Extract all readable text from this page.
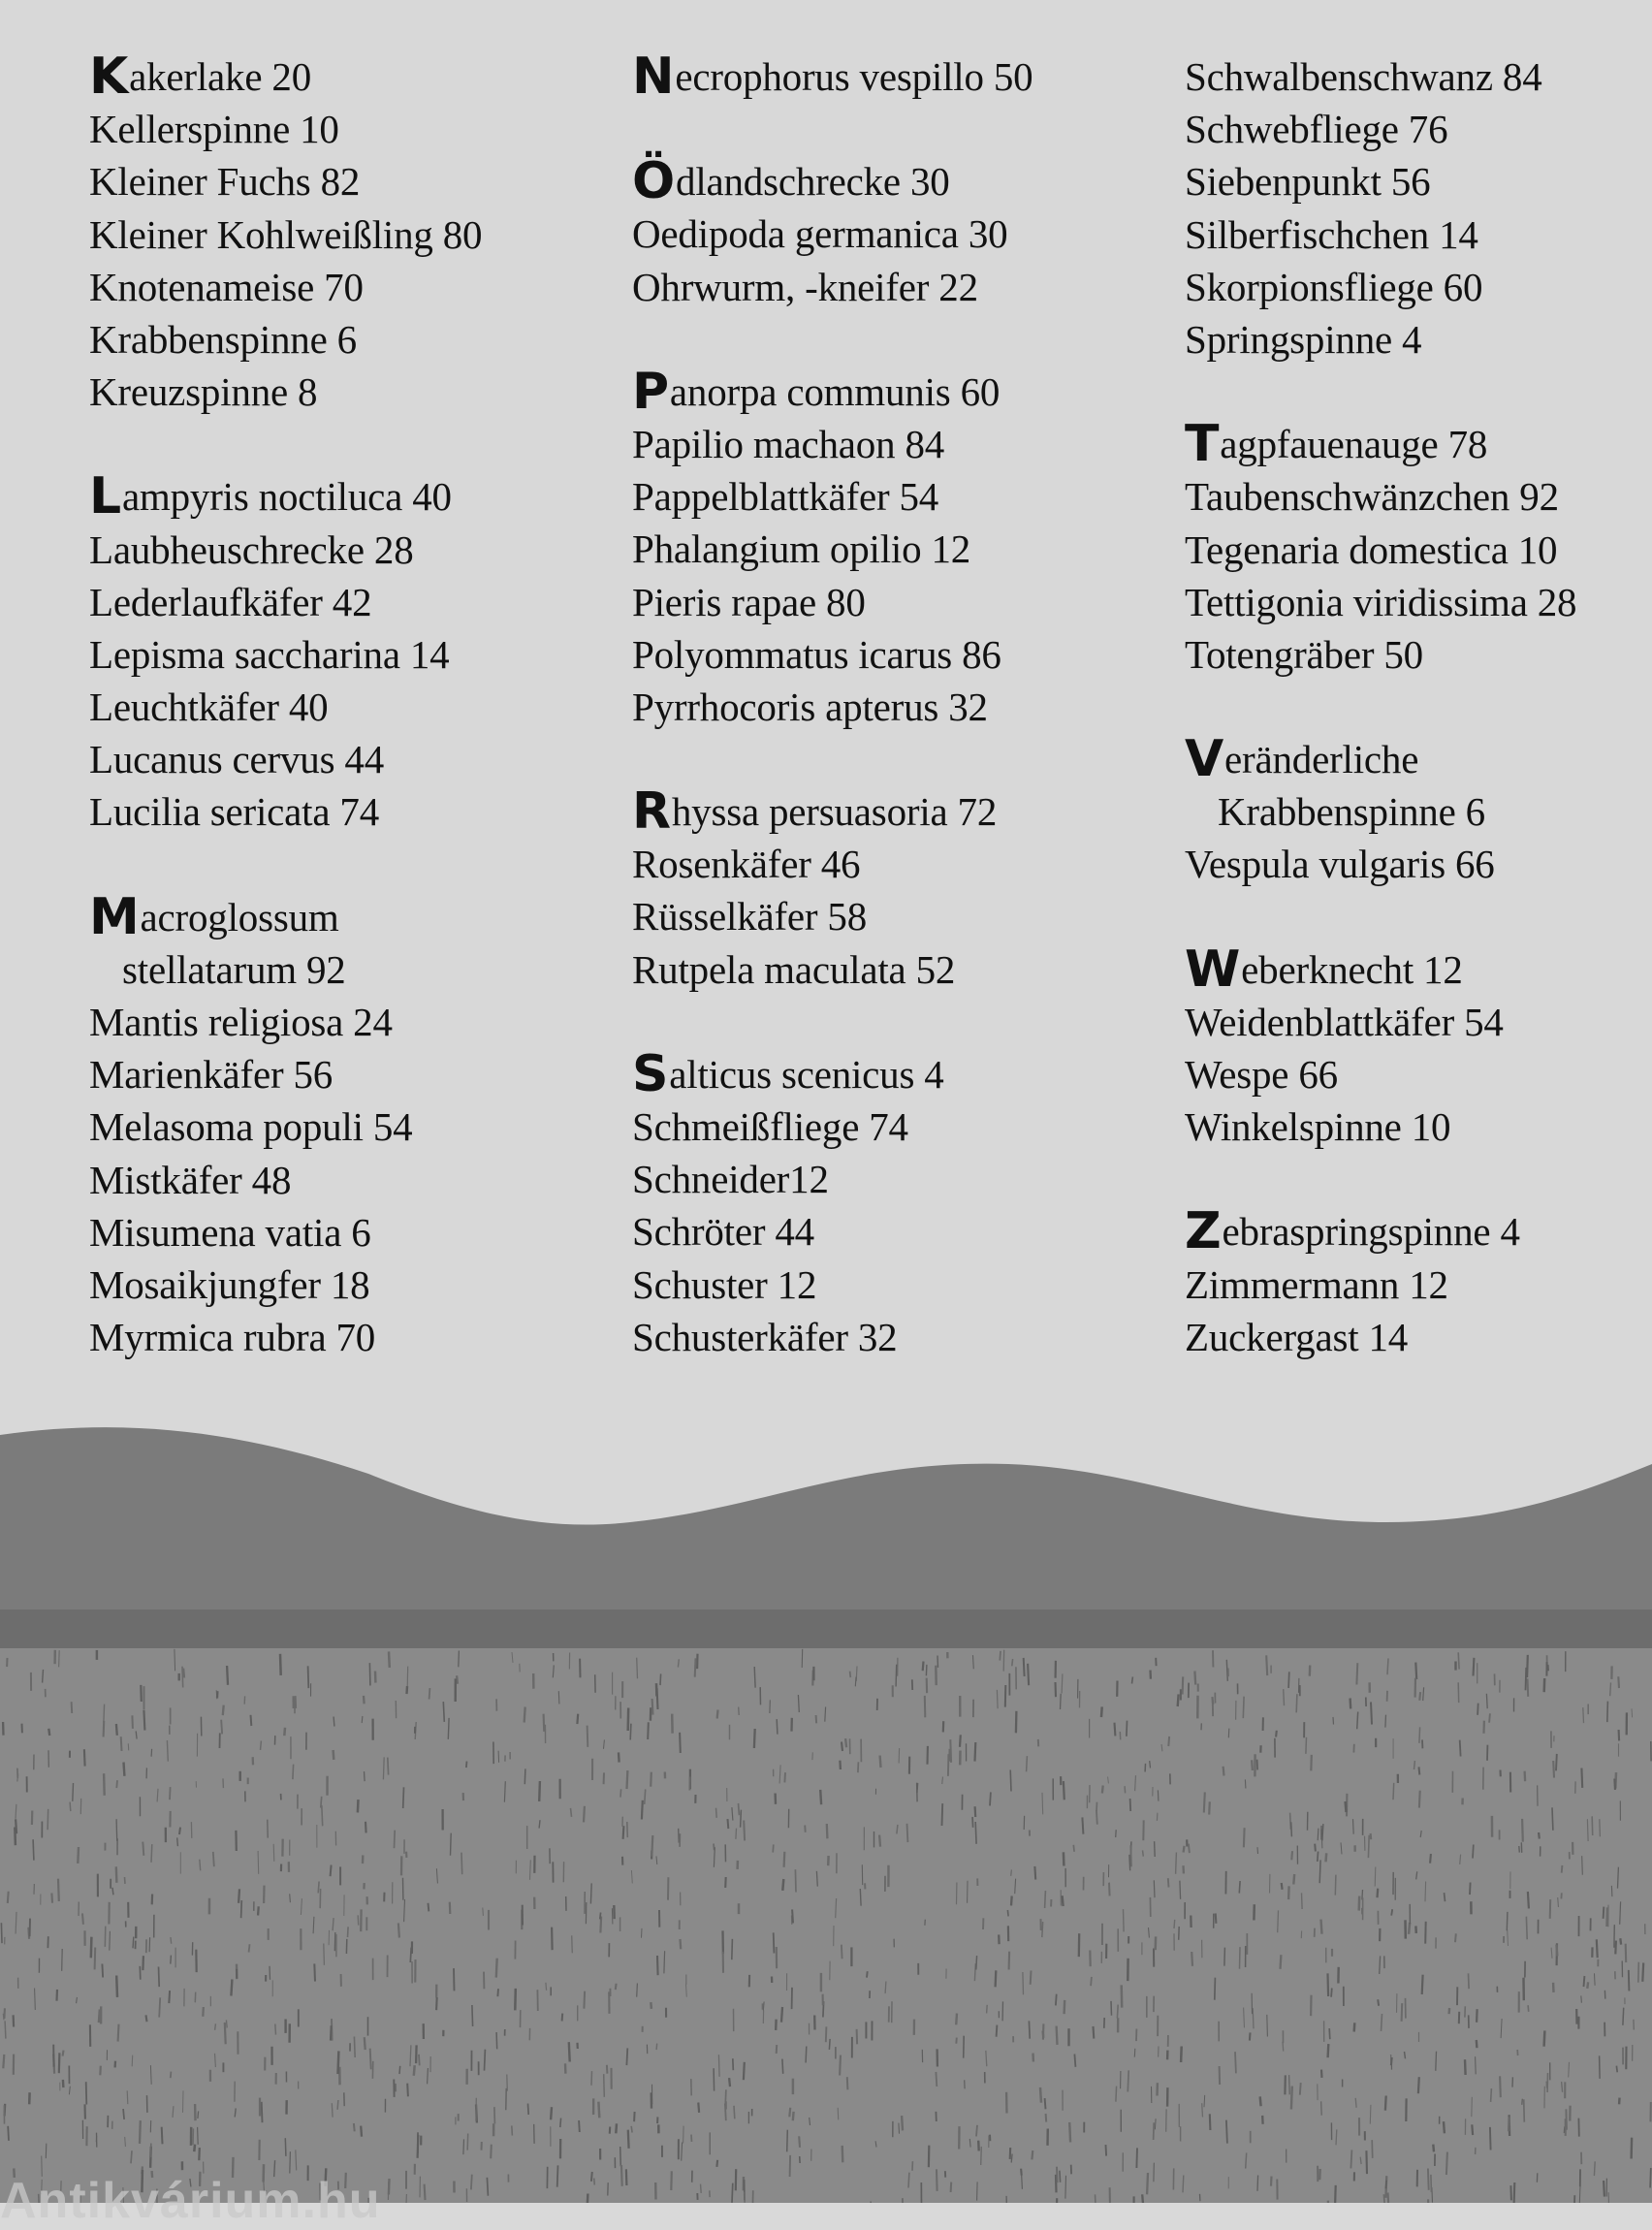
Kakerlake 20
Kellerspinne 10
Kleiner Fuchs 82
Kleiner Kohlweißling 80
Knotenameise 70
Krabbenspinne 6
Kreuzspinne 8
Lampyris noctiluca 40
Laubheuschrecke 28
Lederlaufkäfer 42
Lepisma saccharina 14
Leuchtkäfer 40
Lucanus cervus 44
Lucilia sericata 74
Macroglossum
stellatarum 92
Mantis religiosa 24
Marienkäfer 56
Melasoma populi 54
Mistkäfer 48
Misumena vatia 6
Mosaikjungfer 18
Myrmica rubra 70
Necrophorus vespillo 50
Ödlandschrecke 30
Oedipoda germanica 30
Ohrwurm, -kneifer 22
Panorpa communis 60
Papilio machaon 84
Pappelblattkäfer 54
Phalangium opilio 12
Pieris rapae 80
Polyommatus icarus 86
Pyrrhocoris apterus 32
Rhyssa persuasoria 72
Rosenkäfer 46
Rüsselkäfer 58
Rutpela maculata 52
Salticus scenicus 4
Schmeißfliege 74
Schneider12
Schröter 44
Schuster 12
Schusterkäfer 32
Schwalbenschwanz 84
Schwebfliege 76
Siebenpunkt 56
Silberfischchen 14
Skorpionsfliege 60
Springspinne 4
Tagpfauenauge 78
Taubenschwänzchen 92
Tegenaria domestica 10
Tettigonia viridissima 28
Totengräber 50
Veränderliche
Krabbenspinne 6
Vespula vulgaris 66
Weberknecht 12
Weidenblattkäfer 54
Wespe 66
Winkelspinne 10
Zebraspringspinne 4
Zimmermann 12
Zuckergast 14
Antikvárium.hu
